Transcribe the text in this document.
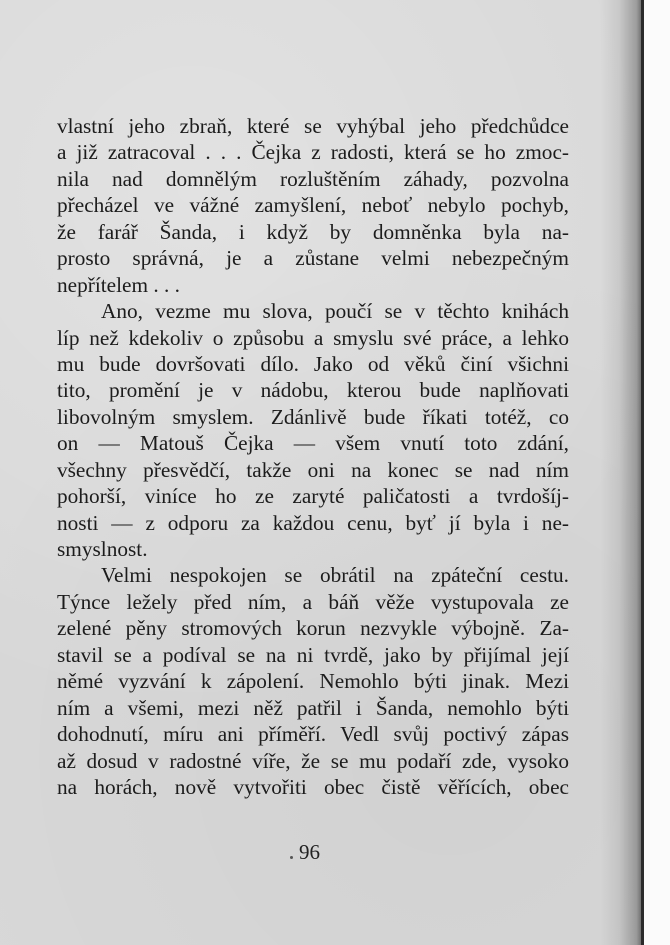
vlastní jeho zbraň, které se vyhýbal jeho předchůdce
a již zatracoval . . . Čejka z radosti, která se ho zmoc-
nila nad domnělým rozluštěním záhady, pozvolna
přecházel ve vážné zamyšlení, neboť nebylo pochyb,
že farář Šanda, i když by domněnka byla na-
prosto správná, je a zůstane velmi nebezpečným
nepřítelem . . .
Ano, vezme mu slova, poučí se v těchto knihách
líp než kdekoliv o způsobu a smyslu své práce, a lehko
mu bude dovršovati dílo. Jako od věků činí všichni
tito, promění je v nádobu, kterou bude naplňovati
libovolným smyslem. Zdánlivě bude říkati totéž, co
on — Matouš Čejka — všem vnutí toto zdání,
všechny přesvědčí, takže oni na konec se nad ním
pohorší, viníce ho ze zaryté paličatosti a tvrdošíj-
nosti — z odporu za každou cenu, byť jí byla i ne-
smyslnost.
Velmi nespokojen se obrátil na zpáteční cestu.
Týnce ležely před ním, a báň věže vystupovala ze
zelené pěny stromových korun nezvykle výbojně. Za-
stavil se a podíval se na ni tvrdě, jako by přijímal její
němé vyzvání k zápolení. Nemohlo býti jinak. Mezi
ním a všemi, mezi něž patřil i Šanda, nemohlo býti
dohodnutí, míru ani příměří. Vedl svůj poctivý zápas
až dosud v radostné víře, že se mu podaří zde, vysoko
na horách, nově vytvořiti obec čistě věřících, obec
96
